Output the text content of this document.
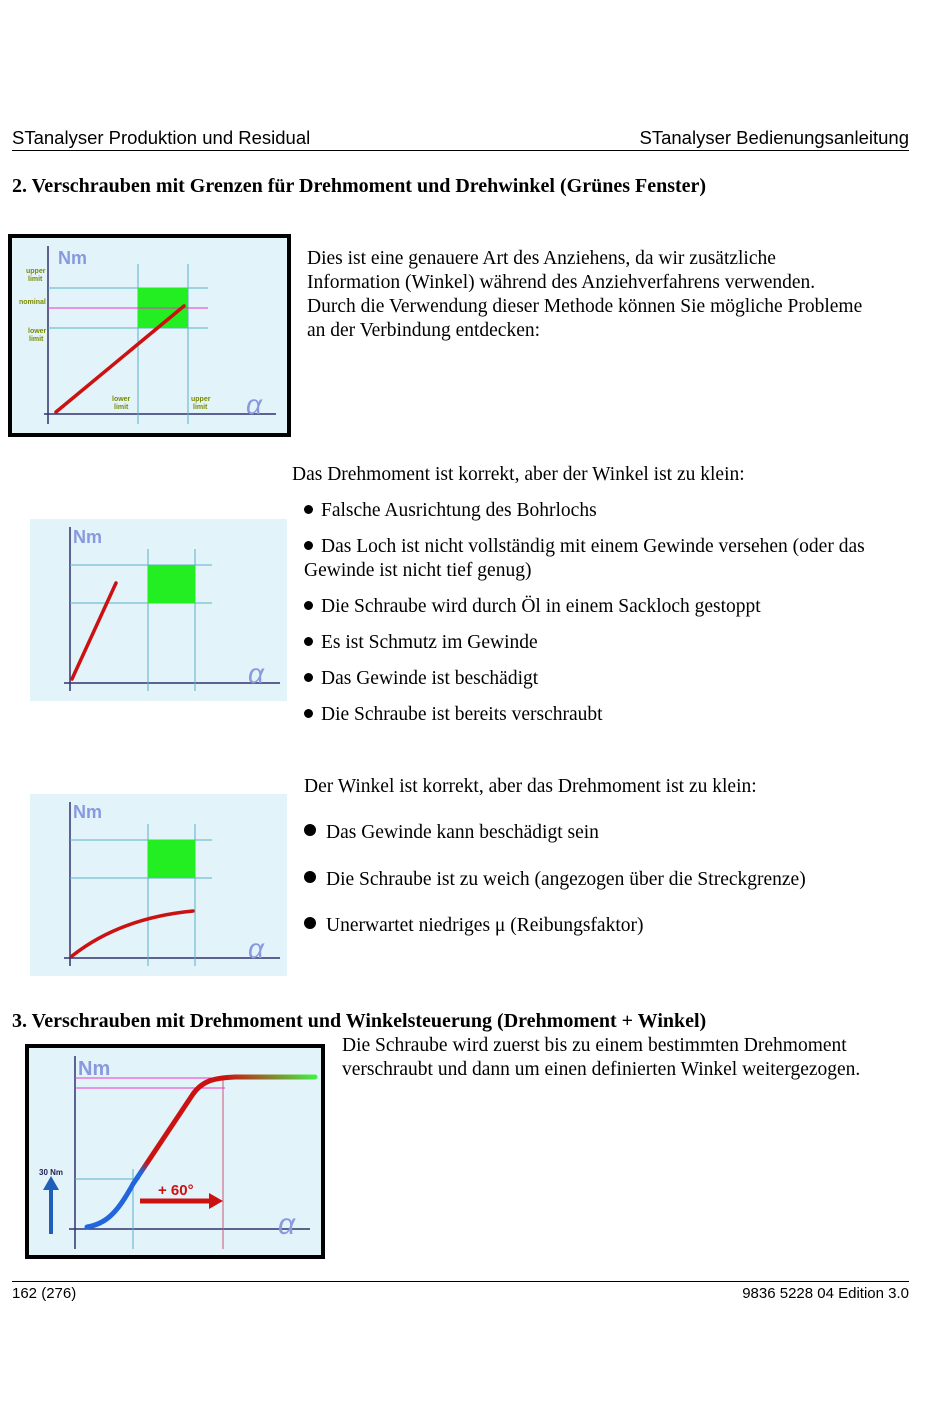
STanalyser Produktion und Residual	STanalyser Bedienungsanleitung
2. Verschrauben mit Grenzen für Drehmoment und Drehwinkel (Grünes Fenster)
Nm
upper
limit
nominal
lower
limit
lower
limit
upper
limit α
Dies ist eine genauere Art des Anziehens, da wir zusätzliche
Information (Winkel) während des Anziehverfahrens verwenden.
Durch die Verwendung dieser Methode können Sie mögliche Probleme
an der Verbindung entdecken:
Nm
α
Das Drehmoment ist korrekt, aber der Winkel ist zu klein:
Falsche Ausrichtung des Bohrlochs
Das Loch ist nicht vollständig mit einem Gewinde versehen (oder das
Gewinde ist nicht tief genug)
Die Schraube wird durch Öl in einem Sackloch gestoppt
Es ist Schmutz im Gewinde
Das Gewinde ist beschädigt
Die Schraube ist bereits verschraubt
Nm
α
Der Winkel ist korrekt, aber das Drehmoment ist zu klein:
Das Gewinde kann beschädigt sein
Die Schraube ist zu weich (angezogen über die Streckgrenze)
Unerwartet niedriges μ (Reibungsfaktor)
3. Verschrauben mit Drehmoment und Winkelsteuerung (Drehmoment + Winkel)
Nm
30 Nm
+ 60°
α
Die Schraube wird zuerst bis zu einem bestimmten Drehmoment
verschraubt und dann um einen definierten Winkel weitergezogen.
162 (276)	9836 5228 04 Edition 3.0
